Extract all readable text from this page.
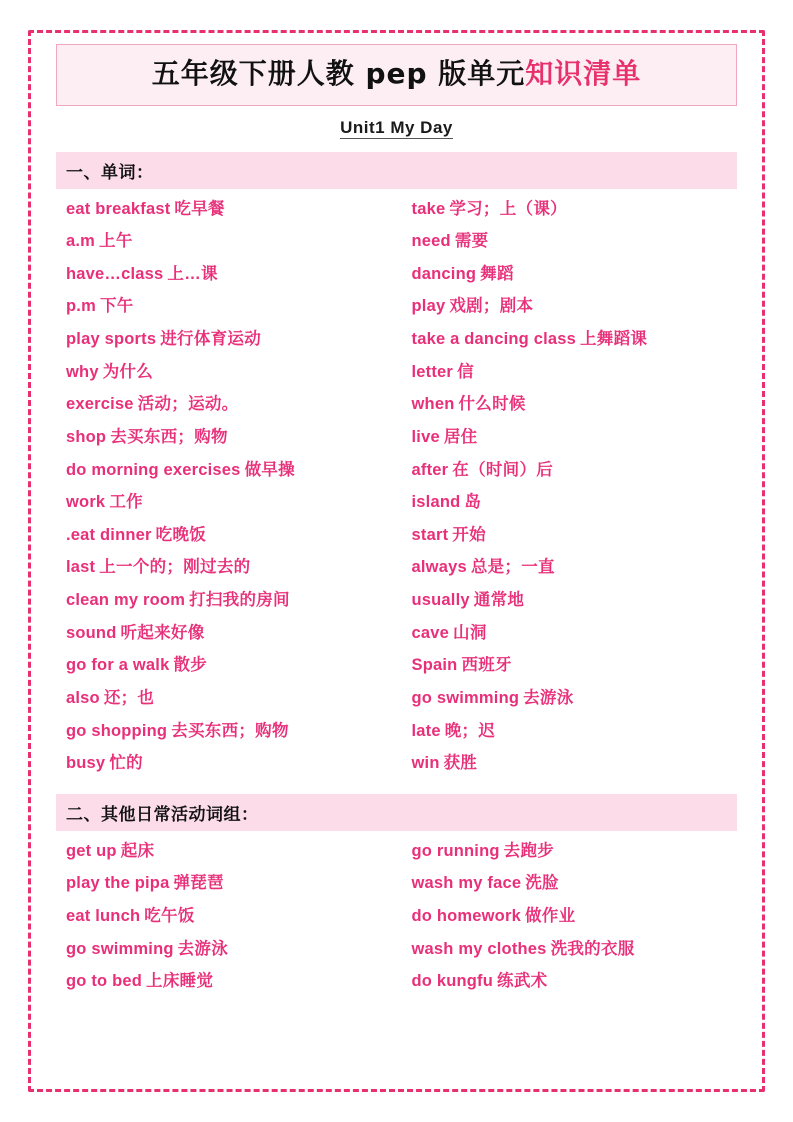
五年级下册人教 pep 版单元知识清单
Unit1 My Day
一、单词：
eat breakfast 吃早餐	take 学习；上（课）
a.m 上午	need 需要
have…class 上…课	dancing 舞蹈
p.m 下午	play 戏剧；剧本
play sports 进行体育运动	take a dancing class 上舞蹈课
why 为什么	letter 信
exercise 活动；运动。	when 什么时候
shop 去买东西；购物	live 居住
do morning exercises 做早操	after 在（时间）后
work 工作	island 岛
.eat dinner 吃晚饭	start 开始
last 上一个的；刚过去的	always 总是；一直
clean my room 打扫我的房间	usually 通常地
sound 听起来好像	cave 山洞
go for a walk 散步	Spain 西班牙
also 还；也	go swimming 去游泳
go shopping 去买东西；购物	late 晚；迟
busy 忙的	win 获胜
二、其他日常活动词组：
get up 起床	go running 去跑步
play the pipa 弹琵琶	wash my face 洗脸
eat lunch 吃午饭	do homework 做作业
go swimming 去游泳	wash my clothes 洗我的衣服
go to bed 上床睡觉	do kungfu 练武术
